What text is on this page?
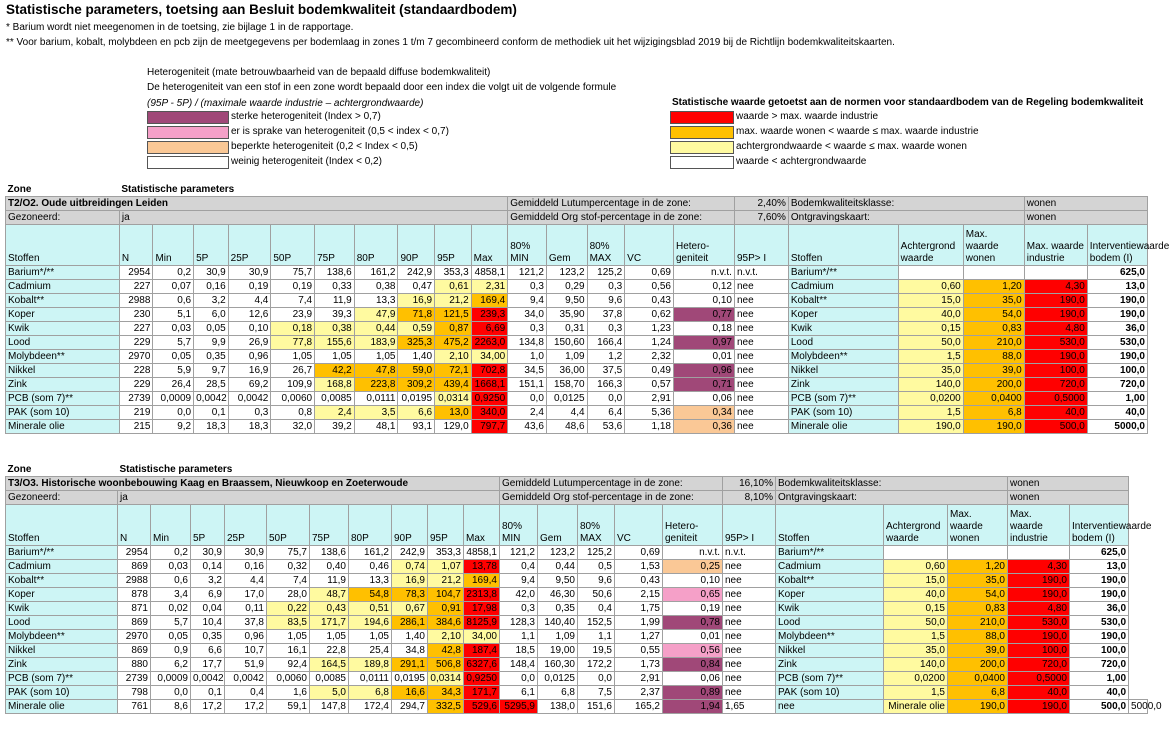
Statistische parameters, toetsing aan Besluit bodemkwaliteit (standaardbodem)
* Barium wordt niet meegenomen in de toetsing, zie bijlage 1 in de rapportage.
** Voor barium, kobalt, molybdeen en pcb zijn de meetgegevens per bodemlaag in zones 1 t/m 7 gecombineerd conform de methodiek uit het wijzigingsblad 2019 bij de Richtlijn bodemkwaliteitskaarten.
Heterogeniteit (mate betrouwbaarheid van de bepaald diffuse bodemkwaliteit)
De heterogeniteit van een stof in een zone wordt bepaald door een index die volgt uit de volgende formule
(95P - 5P) / (maximale waarde industrie – achtergrondwaarde)
sterke heterogeniteit (Index > 0,7)
er is sprake van heterogeniteit (0,5 < index < 0,7)
beperkte heterogeniteit (0,2 < Index < 0,5)
weinig heterogeniteit (Index < 0,2)
Statistische waarde getoetst aan de normen voor standaardbodem van de Regeling bodemkwaliteit
waarde > max. waarde industrie
max. waarde wonen < waarde ≤ max. waarde industrie
achtergrondwaarde < waarde ≤ max. waarde wonen
waarde < achtergrondwaarde
Zone	Statistische parameters																				
T2/O2. Oude uitbreidingen Leiden											Gemiddeld Lutumpercentage in de zone:					2,40%	Bodemkwaliteitsklasse:			wonen	
Gezoneerd:	ja										Gemiddeld Org stof-percentage in de zone:					7,60%	Ontgravingskaart:			wonen	
Stoffen	N	Min	5P	25P	50P	75P	80P	90P	95P	Max	80% MIN	Gem	80% MAX	VC	Hetero- geniteit	95P> I	Stoffen	Achtergrond waarde	Max. waarde wonen	Max. waarde industrie	Interventiewaarde bodem (I)
Barium*/**	2954	0,2	30,9	30,9	75,7	138,6	161,2	242,9	353,3	4858,1	121,2	123,2	125,2	0,69	n.v.t.	n.v.t.	Barium*/**				625,0
Cadmium	227	0,07	0,16	0,19	0,19	0,33	0,38	0,47	0,61	2,31	0,3	0,29	0,3	0,56	0,12	nee	Cadmium	0,60	1,20	4,30	13,0
Kobalt**	2988	0,6	3,2	4,4	7,4	11,9	13,3	16,9	21,2	169,4	9,4	9,50	9,6	0,43	0,10	nee	Kobalt**	15,0	35,0	190,0	190,0
Koper	230	5,1	6,0	12,6	23,9	39,3	47,9	71,8	121,5	239,3	34,0	35,90	37,8	0,62	0,77	nee	Koper	40,0	54,0	190,0	190,0
Kwik	227	0,03	0,05	0,10	0,18	0,38	0,44	0,59	0,87	6,69	0,3	0,31	0,3	1,23	0,18	nee	Kwik	0,15	0,83	4,80	36,0
Lood	229	5,7	9,9	26,9	77,8	155,6	183,9	325,3	475,2	2263,0	134,8	150,60	166,4	1,24	0,97	nee	Lood	50,0	210,0	530,0	530,0
Molybdeen**	2970	0,05	0,35	0,96	1,05	1,05	1,05	1,40	2,10	34,00	1,0	1,09	1,2	2,32	0,01	nee	Molybdeen**	1,5	88,0	190,0	190,0
Nikkel	228	5,9	9,7	16,9	26,7	42,2	47,8	59,0	72,1	702,8	34,5	36,00	37,5	0,49	0,96	nee	Nikkel	35,0	39,0	100,0	100,0
Zink	229	26,4	28,5	69,2	109,9	168,8	223,8	309,2	439,4	1668,1	151,1	158,70	166,3	0,57	0,71	nee	Zink	140,0	200,0	720,0	720,0
PCB (som 7)**	2739	0,0009	0,0042	0,0042	0,0060	0,0085	0,0111	0,0195	0,0314	0,9250	0,0	0,0125	0,0	2,91	0,06	nee	PCB (som 7)**	0,0200	0,0400	0,5000	1,00
PAK (som 10)	219	0,0	0,1	0,3	0,8	2,4	3,5	6,6	13,0	340,0	2,4	4,4	6,4	5,36	0,34	nee	PAK (som 10)	1,5	6,8	40,0	40,0
Minerale olie	215	9,2	18,3	18,3	32,0	39,2	48,1	93,1	129,0	797,7	43,6	48,6	53,6	1,18	0,36	nee	Minerale olie	190,0	190,0	500,0	5000,0
Zone	Statistische parameters																					
T3/O3. Historische woonbebouwing Kaag en Braassem, Nieuwkoop en Zoeterwoude											Gemiddeld Lutumpercentage in de zone:					16,10%	Bodemkwaliteitsklasse:			wonen		
Gezoneerd:	ja										Gemiddeld Org stof-percentage in de zone:					8,10%	Ontgravingskaart:			wonen		
Stoffen	N	Min	5P	25P	50P	75P	80P	90P	95P	Max	80% MIN	Gem	80% MAX	VC	Hetero- geniteit	95P> I	Stoffen	Achtergrond waarde	Max. waarde wonen	Max. waarde industrie	Interventiewaarde bodem (I)	
Barium*/**	2954	0,2	30,9	30,9	75,7	138,6	161,2	242,9	353,3	4858,1	121,2	123,2	125,2	0,69	n.v.t.	n.v.t.	Barium*/**				625,0	
Cadmium	869	0,03	0,14	0,16	0,32	0,40	0,46	0,74	1,07	13,78	0,4	0,44	0,5	1,53	0,25	nee	Cadmium	0,60	1,20	4,30	13,0	
Kobalt**	2988	0,6	3,2	4,4	7,4	11,9	13,3	16,9	21,2	169,4	9,4	9,50	9,6	0,43	0,10	nee	Kobalt**	15,0	35,0	190,0	190,0	
Koper	878	3,4	6,9	17,0	28,0	48,7	54,8	78,3	104,7	2313,8	42,0	46,30	50,6	2,15	0,65	nee	Koper	40,0	54,0	190,0	190,0	
Kwik	871	0,02	0,04	0,11	0,22	0,43	0,51	0,67	0,91	17,98	0,3	0,35	0,4	1,75	0,19	nee	Kwik	0,15	0,83	4,80	36,0	
Lood	869	5,7	10,4	37,8	83,5	171,7	194,6	286,1	384,6	8125,9	128,3	140,40	152,5	1,99	0,78	nee	Lood	50,0	210,0	530,0	530,0	
Molybdeen**	2970	0,05	0,35	0,96	1,05	1,05	1,05	1,40	2,10	34,00	1,1	1,09	1,1	1,27	0,01	nee	Molybdeen**	1,5	88,0	190,0	190,0	
Nikkel	869	0,9	6,6	10,7	16,1	22,8	25,4	34,8	42,8	187,4	18,5	19,00	19,5	0,55	0,56	nee	Nikkel	35,0	39,0	100,0	100,0	
Zink	880	6,2	17,7	51,9	92,4	164,5	189,8	291,1	506,8	6327,6	148,4	160,30	172,2	1,73	0,84	nee	Zink	140,0	200,0	720,0	720,0	
PCB (som 7)**	2739	0,0009	0,0042	0,0042	0,0060	0,0085	0,0111	0,0195	0,0314	0,9250	0,0	0,0125	0,0	2,91	0,06	nee	PCB (som 7)**	0,0200	0,0400	0,5000	1,00	
PAK (som 10)	798	0,0	0,1	0,4	1,6	5,0	6,8	16,6	34,3	171,7	6,1	6,8	7,5	2,37	0,89	nee	PAK (som 10)	1,5	6,8	40,0	40,0	
Minerale olie	761	8,6	17,2	17,2	59,1	147,8	172,4	294,7	332,5	529,6	5295,9	138,0	151,6	165,2	1,94	1,65	nee	Minerale olie	190,0	190,0	500,0	5000,0
